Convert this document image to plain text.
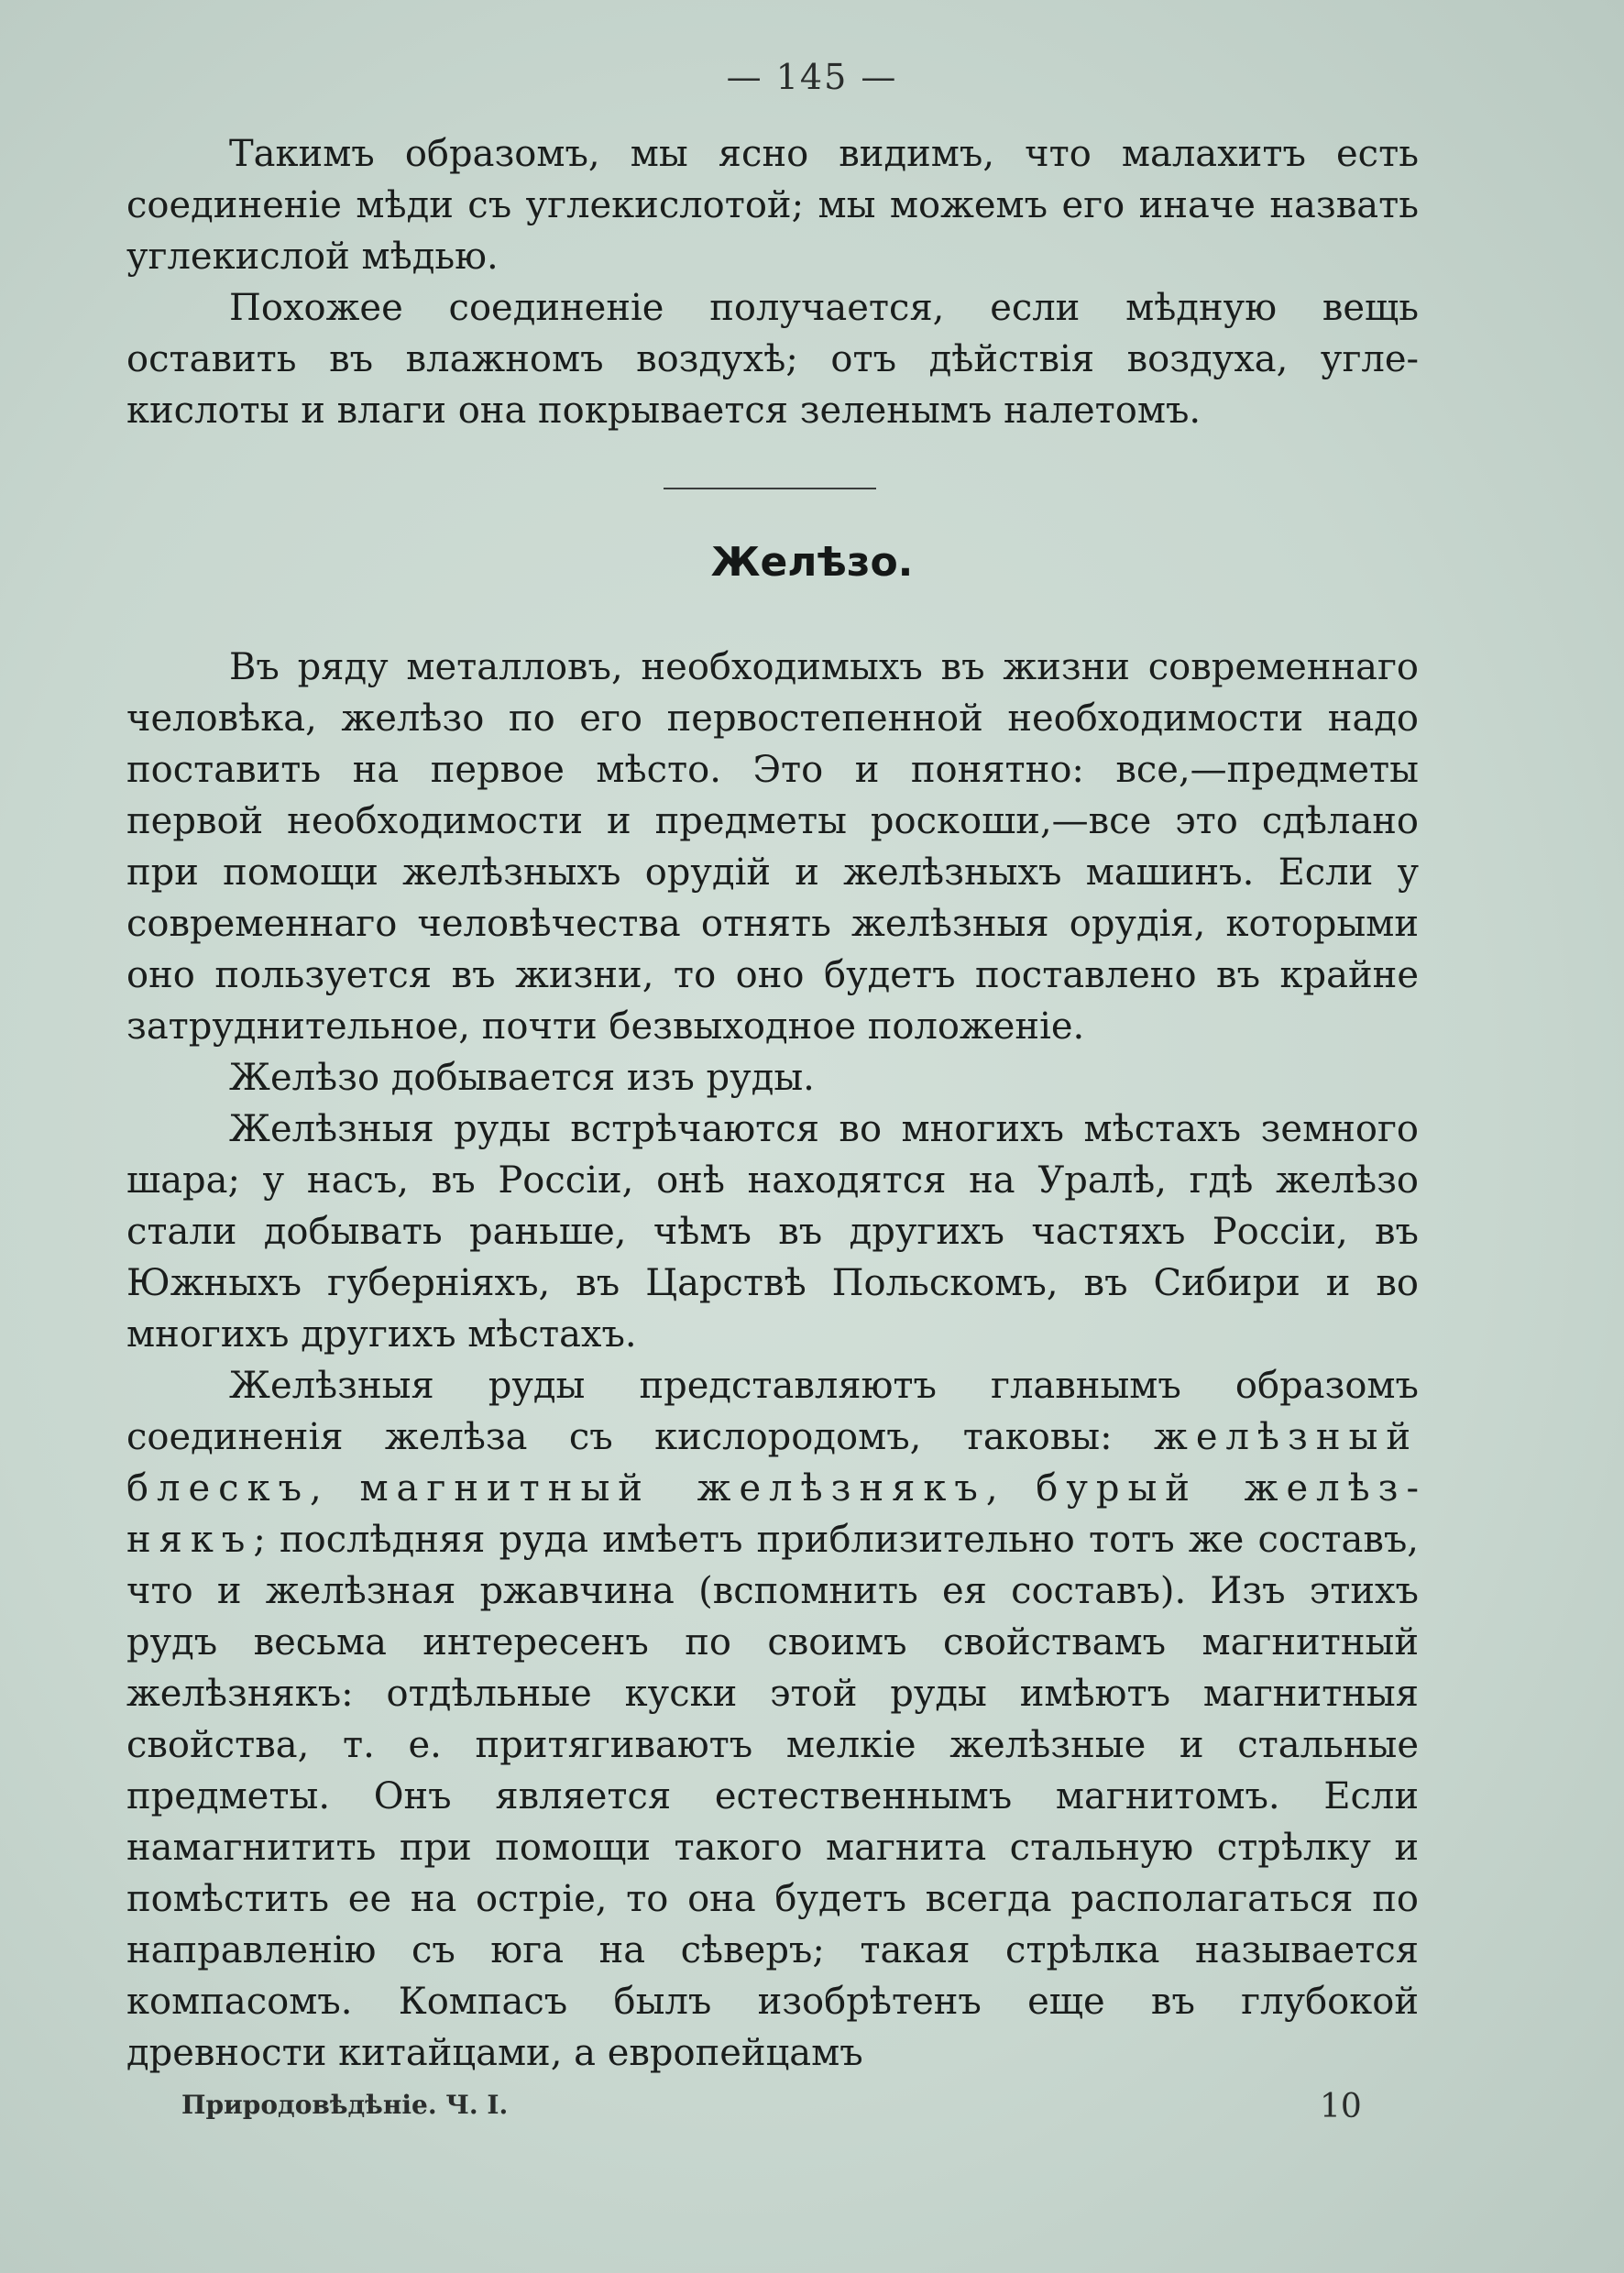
— 145 —

Такимъ образомъ, мы ясно видимъ, что малахитъ есть соединеніе мѣди съ углекислотой; мы можемъ его иначе назвать углекислой мѣдью.

Похожее соединеніе получается, если мѣдную вещь оставить въ влажномъ воздухѣ; отъ дѣйствія воздуха, углекислоты и влаги она покрывается зеленымъ налетомъ.

Желѣзо.

Въ ряду металловъ, необходимыхъ въ жизни современнаго человѣка, желѣзо по его первостепенной необходимости надо поставить на первое мѣсто. Это и понятно: все,—предметы первой необходимости и предметы роскоши,—все это сдѣлано при помощи желѣзныхъ орудій и желѣзныхъ машинъ. Если у современнаго человѣчества отнять желѣзныя орудія, которыми оно пользуется въ жизни, то оно будетъ поставлено въ крайне затруднительное, почти безвыходное положеніе.

Желѣзо добывается изъ руды.

Желѣзныя руды встрѣчаются во многихъ мѣстахъ земного шара; у насъ, въ Россіи, онѣ находятся на Уралѣ, гдѣ желѣзо стали добывать раньше, чѣмъ въ другихъ частяхъ Россіи, въ Южныхъ губерніяхъ, въ Царствѣ Польскомъ, въ Сибири и во многихъ другихъ мѣстахъ.

Желѣзныя руды представляютъ главнымъ образомъ соединенія желѣза съ кислородомъ, таковы: желѣзный блескъ, магнитный желѣзнякъ, бурый желѣзнякъ; послѣдняя руда имѣетъ приблизительно тотъ же составъ, что и желѣзная ржавчина (вспомнить ея составъ). Изъ этихъ рудъ весьма интересенъ по своимъ свойствамъ магнитный желѣзнякъ: отдѣльные куски этой руды имѣютъ магнитныя свойства, т. е. притягиваютъ мелкіе желѣзные и стальные предметы. Онъ является естественнымъ магнитомъ. Если намагнитить при помощи такого магнита стальную стрѣлку и помѣстить ее на остріе, то она будетъ всегда располагаться по направленію съ юга на сѣверъ; такая стрѣлка называется компасомъ. Компасъ былъ изобрѣтенъ еще въ глубокой древности китайцами, а европейцамъ

Природовѣдѣніе. Ч. I.	10
